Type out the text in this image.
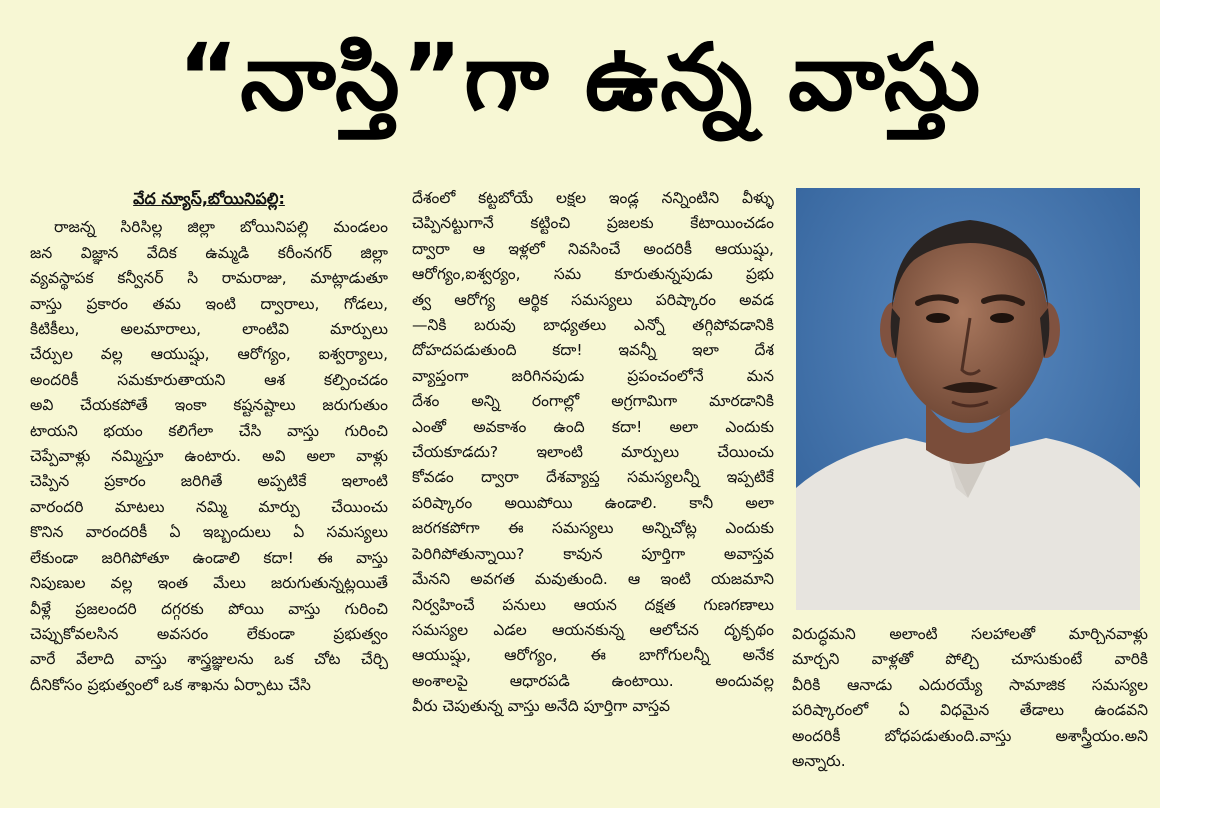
“నాస్తి”గా ఉన్న వాస్తు
వేద న్యూస్,బోయినిపల్లి:
రాజన్న సిరిసిల్ల జిల్లా బోయినిపల్లి మండలం
జన విజ్ఞాన వేదిక ఉమ్మడి కరీంనగర్ జిల్లా
వ్యవస్థాపక కన్వీనర్ సి రామరాజు, మాట్లాడుతూ
వాస్తు ప్రకారం తమ ఇంటి ద్వారాలు, గోడలు,
కిటికీలు, అలమారాలు, లాంటివి మార్పులు
చేర్పుల వల్ల ఆయుష్షు, ఆరోగ్యం, ఐశ్వర్యాలు,
అందరికీ సమకూరుతాయని ఆశ కల్పించడం
అవి చేయకపోతే ఇంకా కష్టనష్టాలు జరుగుతుం
టాయని భయం కలిగేలా చేసి వాస్తు గురించి
చెప్పేవాళ్లు నమ్మిస్తూ ఉంటారు. అవి అలా వాళ్లు
చెప్పిన ప్రకారం జరిగితే అప్పటికే ఇలాంటి
వారందరి మాటలు నమ్మి మార్పు చేయించు
కొనిన వారందరికీ ఏ ఇబ్బందులు ఏ సమస్యలు
లేకుండా జరిగిపోతూ ఉండాలి కదా! ఈ వాస్తు
నిపుణుల వల్ల ఇంత మేలు జరుగుతున్నట్లయితే
వీళ్లే ప్రజలందరి దగ్గరకు పోయి వాస్తు గురించి
చెప్పుకోవలసిన అవసరం లేకుండా ప్రభుత్వం
వారే వేలాది వాస్తు శాస్త్రజ్ఞులను ఒక చోట చేర్చి
దీనికోసం ప్రభుత్వంలో ఒక శాఖను ఏర్పాటు చేసి
దేశంలో కట్టబోయే లక్షల ఇండ్ల నన్నింటిని వీళ్ళు
చెప్పినట్టుగానే కట్టించి ప్రజలకు కేటాయించడం
ద్వారా ఆ ఇళ్లలో నివసించే అందరికీ ఆయుష్షు,
ఆరోగ్యం,ఐశ్వర్యం, సమ కూరుతున్నపుడు ప్రభు
త్వ ఆరోగ్య ఆర్థిక సమస్యలు పరిష్కారం అవడ
—నికి బరువు బాధ్యతలు ఎన్నో తగ్గిపోవడానికి
దోహదపడుతుంది కదా! ఇవన్నీ ఇలా దేశ
వ్యాప్తంగా జరిగినపుడు ప్రపంచంలోనే మన
దేశం అన్ని రంగాల్లో అగ్రగామిగా మారడానికి
ఎంతో అవకాశం ఉంది కదా! అలా ఎందుకు
చేయకూడదు? ఇలాంటి మార్పులు చేయించు
కోవడం ద్వారా దేశవ్యాప్త సమస్యలన్నీ ఇప్పటికే
పరిష్కారం అయిపోయి ఉండాలి. కానీ అలా
జరగకపోగా ఈ సమస్యలు అన్నిచోట్ల ఎందుకు
పెరిగిపోతున్నాయి? కావున పూర్తిగా అవాస్తవ
మేనని అవగత మవుతుంది. ఆ ఇంటి యజమాని
నిర్వహించే పనులు ఆయన దక్షత గుణగణాలు
సమస్యల ఎడల ఆయనకున్న ఆలోచన దృక్పథం
ఆయుష్షు, ఆరోగ్యం, ఈ బాగోగులన్నీ అనేక
అంశాలపై ఆధారపడి ఉంటాయి. అందువల్ల
వీరు చెపుతున్న వాస్తు అనేది పూర్తిగా వాస్తవ
విరుద్ధమని అలాంటి సలహాలతో మార్చినవాళ్లు
మార్చని వాళ్లతో పోల్చి చూసుకుంటే వారికి
వీరికి ఆనాడు ఎదురయ్యే సామాజిక సమస్యల
పరిష్కారంలో ఏ విధమైన తేడాలు ఉండవని
అందరికీ బోధపడుతుంది.వాస్తు అశాస్త్రీయం.అని
అన్నారు.
